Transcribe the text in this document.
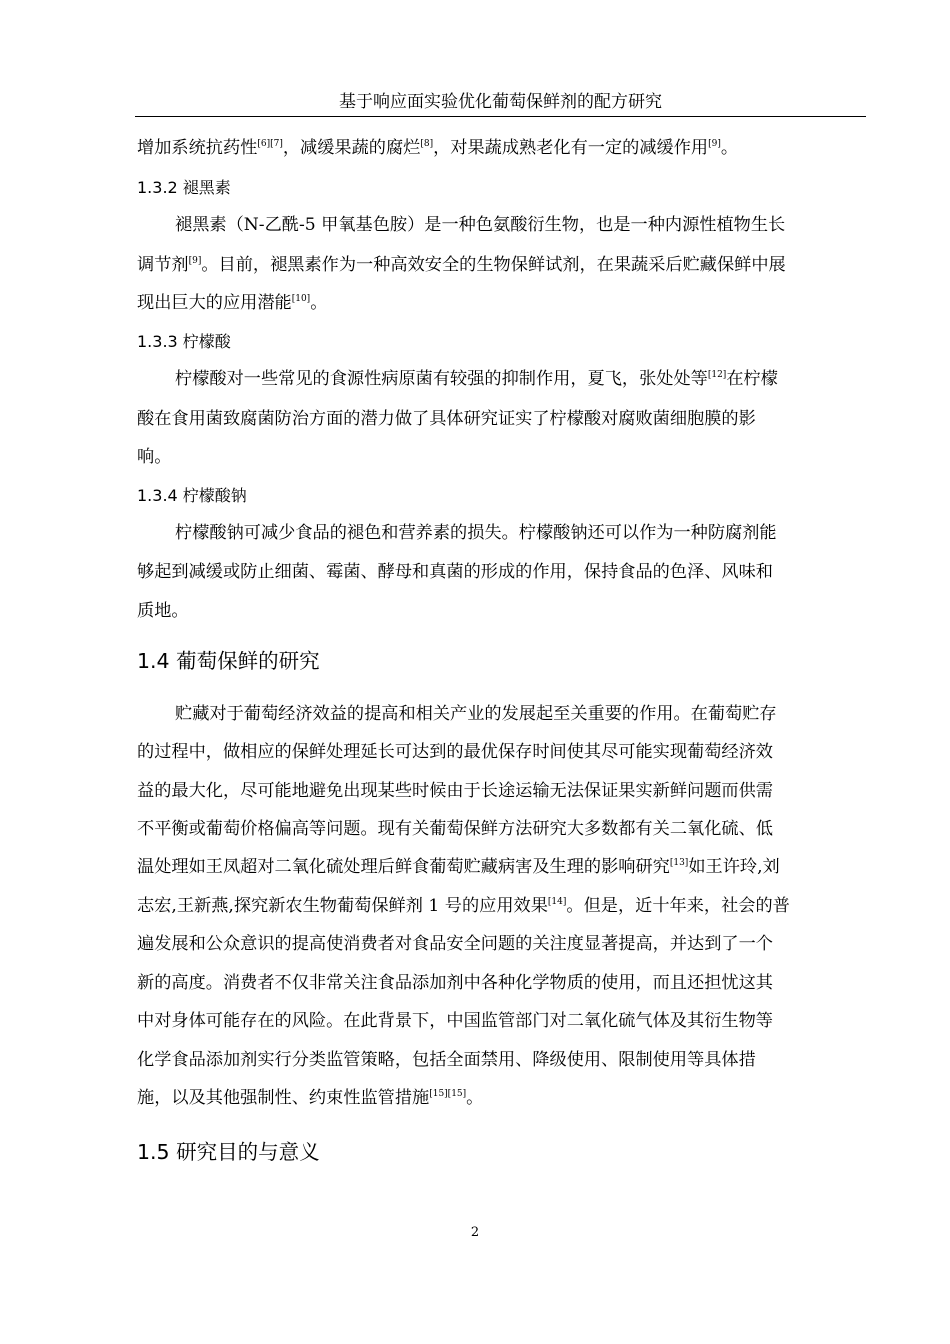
基于响应面实验优化葡萄保鲜剂的配方研究
增加系统抗药性[6][7]，减缓果蔬的腐烂[8]，对果蔬成熟老化有一定的减缓作用[9]。
1.3.2 褪黑素
褪黑素（N-乙酰-5 甲氧基色胺）是一种色氨酸衍生物，也是一种内源性植物生长
调节剂[9]。目前，褪黑素作为一种高效安全的生物保鲜试剂，在果蔬采后贮藏保鲜中展
现出巨大的应用潜能[10]。
1.3.3 柠檬酸
柠檬酸对一些常见的食源性病原菌有较强的抑制作用，夏飞，张处处等[12]在柠檬
酸在食用菌致腐菌防治方面的潜力做了具体研究证实了柠檬酸对腐败菌细胞膜的影
响。
1.3.4 柠檬酸钠
柠檬酸钠可减少食品的褪色和营养素的损失。柠檬酸钠还可以作为一种防腐剂能
够起到减缓或防止细菌、霉菌、酵母和真菌的形成的作用，保持食品的色泽、风味和
质地。
1.4 葡萄保鲜的研究
贮藏对于葡萄经济效益的提高和相关产业的发展起至关重要的作用。在葡萄贮存
的过程中，做相应的保鲜处理延长可达到的最优保存时间使其尽可能实现葡萄经济效
益的最大化，尽可能地避免出现某些时候由于长途运输无法保证果实新鲜问题而供需
不平衡或葡萄价格偏高等问题。现有关葡萄保鲜方法研究大多数都有关二氧化硫、低
温处理如王凤超对二氧化硫处理后鲜食葡萄贮藏病害及生理的影响研究[13]如王许玲,刘
志宏,王新燕,探究新农生物葡萄保鲜剂 1 号的应用效果[14]。但是，近十年来，社会的普
遍发展和公众意识的提高使消费者对食品安全问题的关注度显著提高，并达到了一个
新的高度。消费者不仅非常关注食品添加剂中各种化学物质的使用，而且还担忧这其
中对身体可能存在的风险。在此背景下，中国监管部门对二氧化硫气体及其衍生物等
化学食品添加剂实行分类监管策略，包括全面禁用、降级使用、限制使用等具体措
施，以及其他强制性、约束性监管措施[15][15]。
1.5 研究目的与意义
2
